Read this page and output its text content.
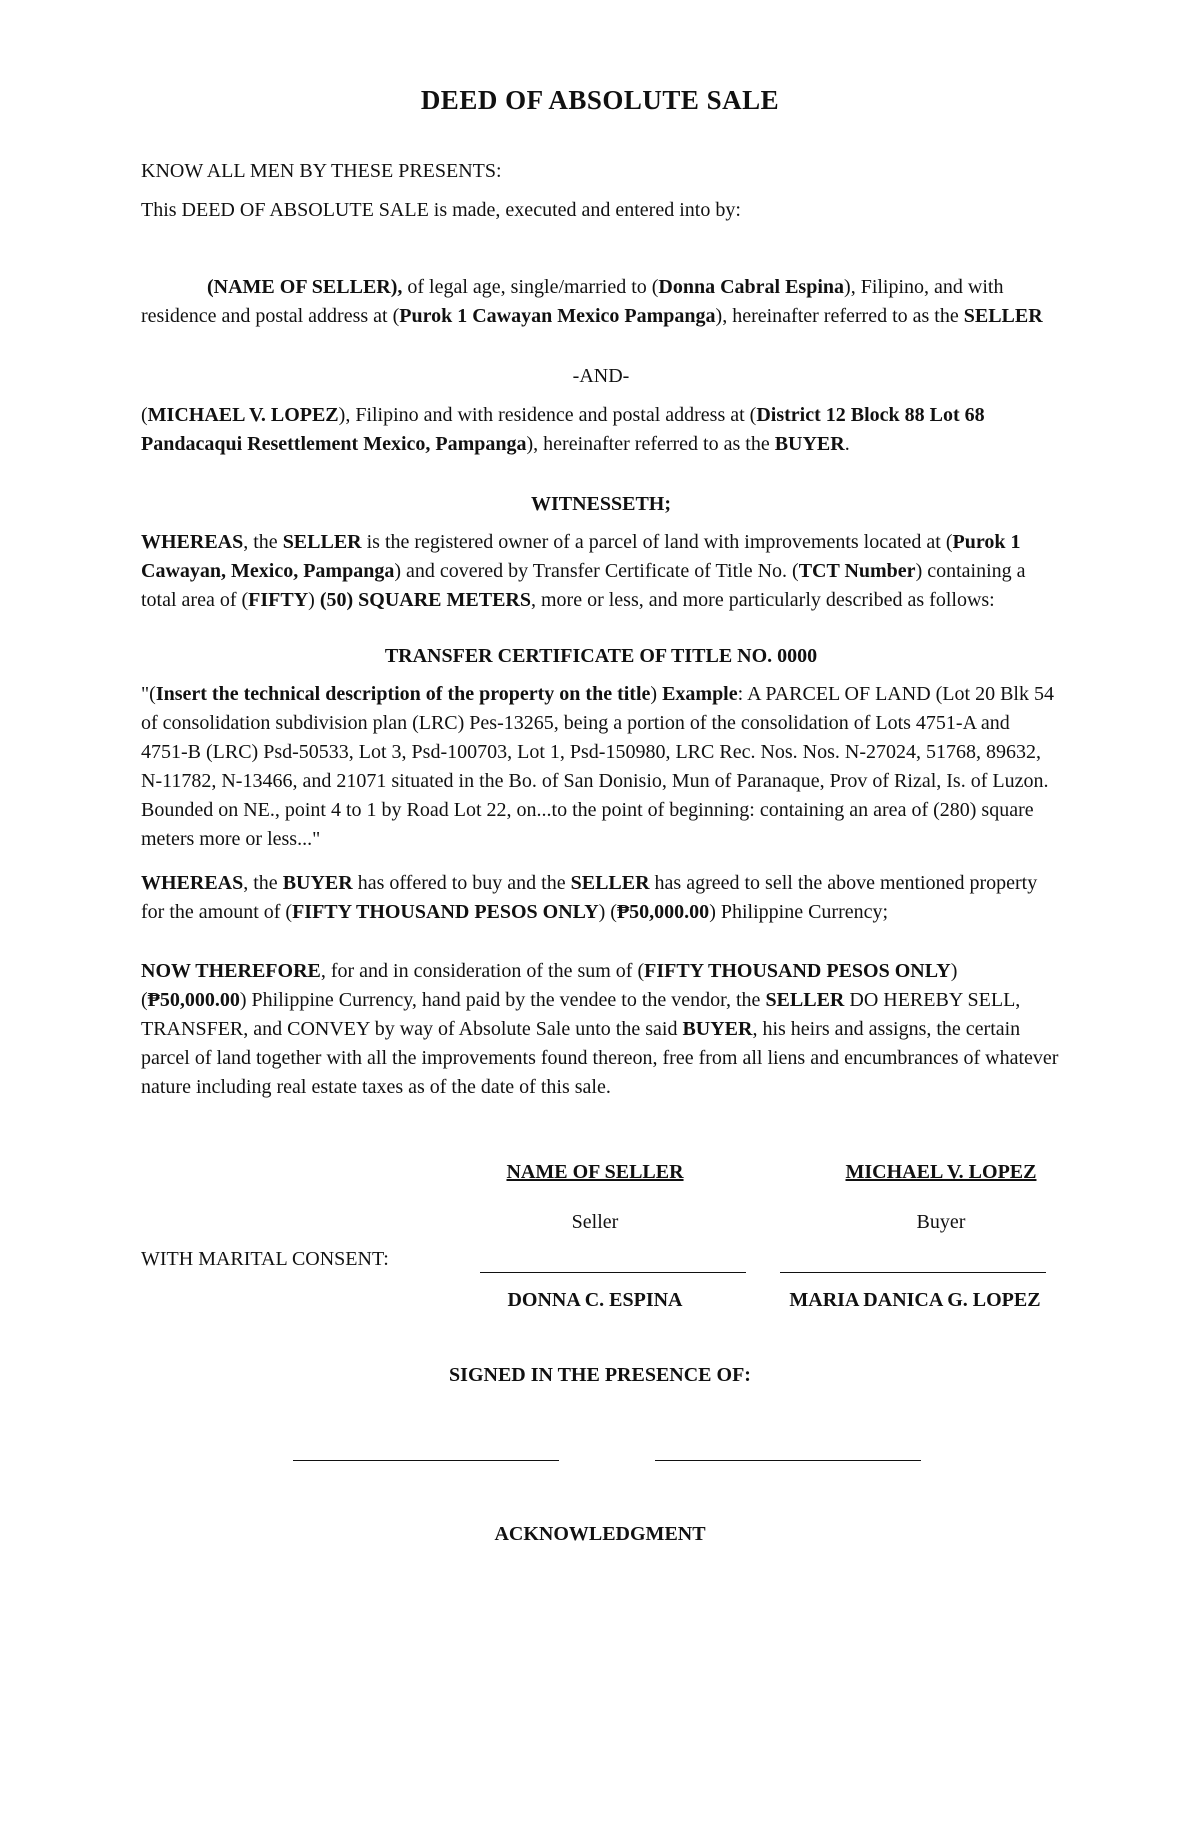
DEED OF ABSOLUTE SALE

KNOW ALL MEN BY THESE PRESENTS:

This DEED OF ABSOLUTE SALE is made, executed and entered into by:

(NAME OF SELLER), of legal age, single/married to (Donna Cabral Espina), Filipino, and with residence and postal address at (Purok 1 Cawayan Mexico Pampanga), hereinafter referred to as the SELLER

-AND-

(MICHAEL V. LOPEZ), Filipino and with residence and postal address at (District 12 Block 88 Lot 68 Pandacaqui Resettlement Mexico, Pampanga), hereinafter referred to as the BUYER.

WITNESSETH;

WHEREAS, the SELLER is the registered owner of a parcel of land with improvements located at (Purok 1 Cawayan, Mexico, Pampanga) and covered by Transfer Certificate of Title No. (TCT Number) containing a total area of (FIFTY) (50) SQUARE METERS, more or less, and more particularly described as follows:

TRANSFER CERTIFICATE OF TITLE NO. 0000

"(Insert the technical description of the property on the title) Example: A PARCEL OF LAND (Lot 20 Blk 54 of consolidation subdivision plan (LRC) Pes-13265, being a portion of the consolidation of Lots 4751-A and 4751-B (LRC) Psd-50533, Lot 3, Psd-100703, Lot 1, Psd-150980, LRC Rec. Nos. Nos. N-27024, 51768, 89632, N-11782, N-13466, and 21071 situated in the Bo. of San Donisio, Mun of Paranaque, Prov of Rizal, Is. of Luzon. Bounded on NE., point 4 to 1 by Road Lot 22, on...to the point of beginning: containing an area of (280) square meters more or less..."

WHEREAS, the BUYER has offered to buy and the SELLER has agreed to sell the above mentioned property for the amount of (FIFTY THOUSAND PESOS ONLY) (₱50,000.00) Philippine Currency;

NOW THEREFORE, for and in consideration of the sum of (FIFTY THOUSAND PESOS ONLY) (₱50,000.00) Philippine Currency, hand paid by the vendee to the vendor, the SELLER DO HEREBY SELL, TRANSFER, and CONVEY by way of Absolute Sale unto the said BUYER, his heirs and assigns, the certain parcel of land together with all the improvements found thereon, free from all liens and encumbrances of whatever nature including real estate taxes as of the date of this sale.

NAME OF SELLER	MICHAEL V. LOPEZ
Seller	Buyer
WITH MARITAL CONSENT:
DONNA C. ESPINA	MARIA DANICA G. LOPEZ

SIGNED IN THE PRESENCE OF:

ACKNOWLEDGMENT
